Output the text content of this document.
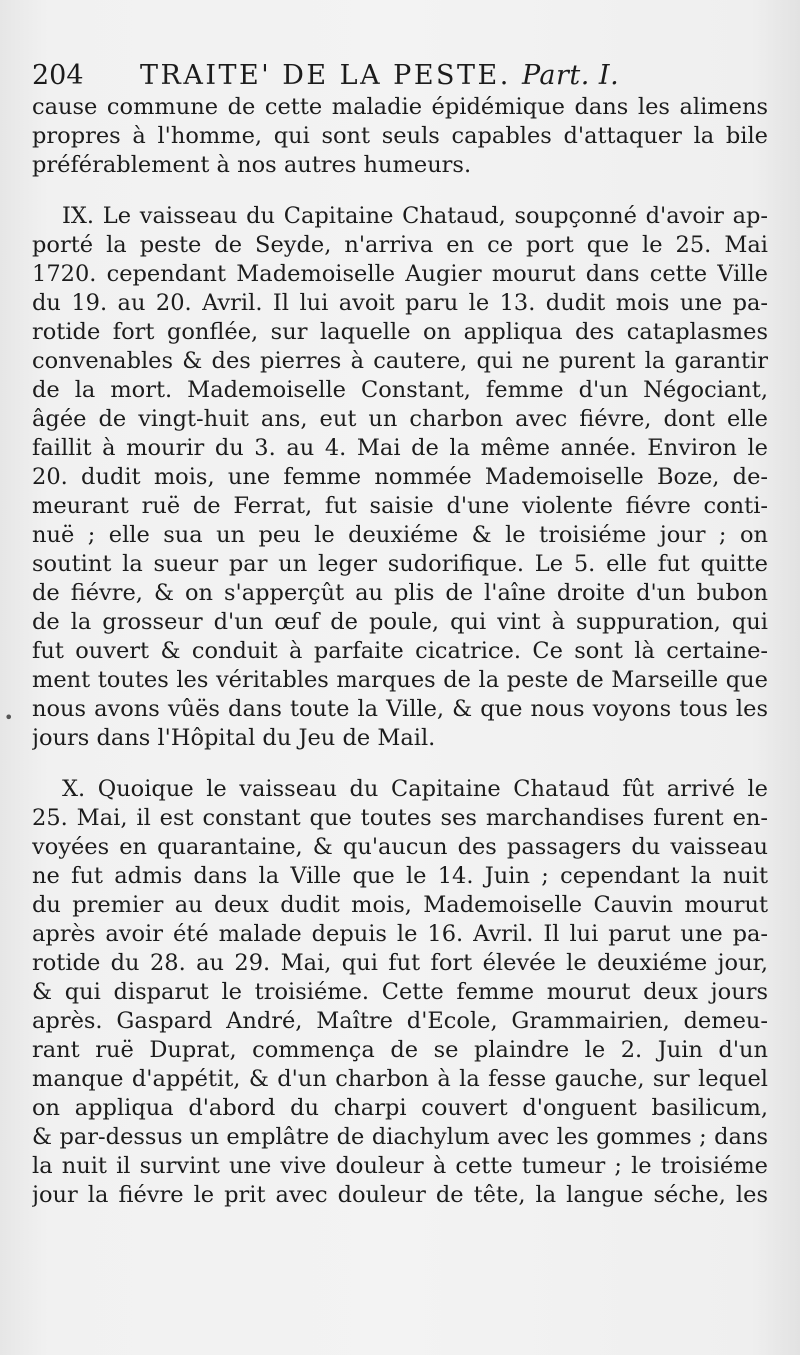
204 TRAITE' DE LA PESTE. Part. I.
cause commune de cette maladie épidémique dans les alimens
propres à l'homme, qui sont seuls capables d'attaquer la bile
préférablement à nos autres humeurs.
IX. Le vaisseau du Capitaine Chataud, soupçonné d'avoir ap-
porté la peste de Seyde, n'arriva en ce port que le 25. Mai
1720. cependant Mademoiselle Augier mourut dans cette Ville
du 19. au 20. Avril. Il lui avoit paru le 13. dudit mois une pa-
rotide fort gonflée, sur laquelle on appliqua des cataplasmes
convenables & des pierres à cautere, qui ne purent la garantir
de la mort. Mademoiselle Constant, femme d'un Négociant,
âgée de vingt-huit ans, eut un charbon avec fiévre, dont elle
faillit à mourir du 3. au 4. Mai de la même année. Environ le
20. dudit mois, une femme nommée Mademoiselle Boze, de-
meurant ruë de Ferrat, fut saisie d'une violente fiévre conti-
nuë ; elle sua un peu le deuxiéme & le troisiéme jour ; on
soutint la sueur par un leger sudorifique. Le 5. elle fut quitte
de fiévre, & on s'apperçût au plis de l'aîne droite d'un bubon
de la grosseur d'un œuf de poule, qui vint à suppuration, qui
fut ouvert & conduit à parfaite cicatrice. Ce sont là certaine-
ment toutes les véritables marques de la peste de Marseille que
nous avons vûës dans toute la Ville, & que nous voyons tous les
jours dans l'Hôpital du Jeu de Mail.
X. Quoique le vaisseau du Capitaine Chataud fût arrivé le
25. Mai, il est constant que toutes ses marchandises furent en-
voyées en quarantaine, & qu'aucun des passagers du vaisseau
ne fut admis dans la Ville que le 14. Juin ; cependant la nuit
du premier au deux dudit mois, Mademoiselle Cauvin mourut
après avoir été malade depuis le 16. Avril. Il lui parut une pa-
rotide du 28. au 29. Mai, qui fut fort élevée le deuxiéme jour,
& qui disparut le troisiéme. Cette femme mourut deux jours
après. Gaspard André, Maître d'Ecole, Grammairien, demeu-
rant ruë Duprat, commença de se plaindre le 2. Juin d'un
manque d'appétit, & d'un charbon à la fesse gauche, sur lequel
on appliqua d'abord du charpi couvert d'onguent basilicum,
& par-dessus un emplâtre de diachylum avec les gommes ; dans
la nuit il survint une vive douleur à cette tumeur ; le troisiéme
jour la fiévre le prit avec douleur de tête, la langue séche, les
•
